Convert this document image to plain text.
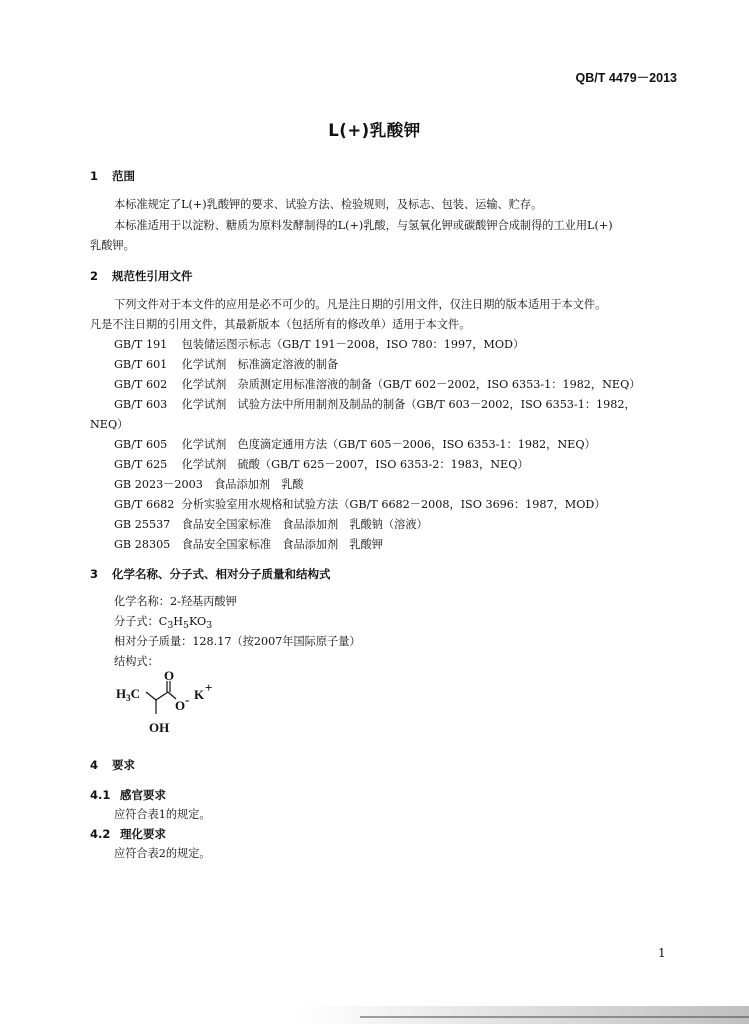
QB/T 4479－2013
L(+)乳酸钾
1 范围
本标准规定了L(+)乳酸钾的要求、试验方法、检验规则，及标志、包装、运输、贮存。
本标准适用于以淀粉、糖质为原料发酵制得的L(+)乳酸，与氢氧化钾或碳酸钾合成制得的工业用L(+)
乳酸钾。
2 规范性引用文件
下列文件对于本文件的应用是必不可少的。凡是注日期的引用文件，仅注日期的版本适用于本文件。
凡是不注日期的引用文件，其最新版本（包括所有的修改单）适用于本文件。
GB/T 191 包装储运图示标志（GB/T 191－2008，ISO 780：1997，MOD）
GB/T 601 化学试剂　标准滴定溶液的制备
GB/T 602 化学试剂　杂质测定用标准溶液的制备（GB/T 602－2002，ISO 6353-1：1982，NEQ）
GB/T 603 化学试剂　试验方法中所用制剂及制品的制备（GB/T 603－2002，ISO 6353-1：1982，
NEQ）
GB/T 605 化学试剂　色度滴定通用方法（GB/T 605－2006，ISO 6353-1：1982，NEQ）
GB/T 625 化学试剂　硫酸（GB/T 625－2007，ISO 6353-2：1983，NEQ）
GB 2023－2003　 食品添加剂　乳酸
GB/T 6682 分析实验室用水规格和试验方法（GB/T 6682－2008，ISO 3696：1987，MOD）
GB 25537 食品安全国家标准　食品添加剂　乳酸钠（溶液）
GB 28305 食品安全国家标准　食品添加剂　乳酸钾
3 化学名称、分子式、相对分子质量和结构式
化学名称：2-羟基丙酸钾
分子式：$C_3H_5KO_3$
相对分子质量：128.17（按2007年国际原子量）
结构式：
$H_3C$
O
O - K +
OH
4 要求
4.1 感官要求
应符合表1的规定。
4.2 理化要求
应符合表2的规定。
1
